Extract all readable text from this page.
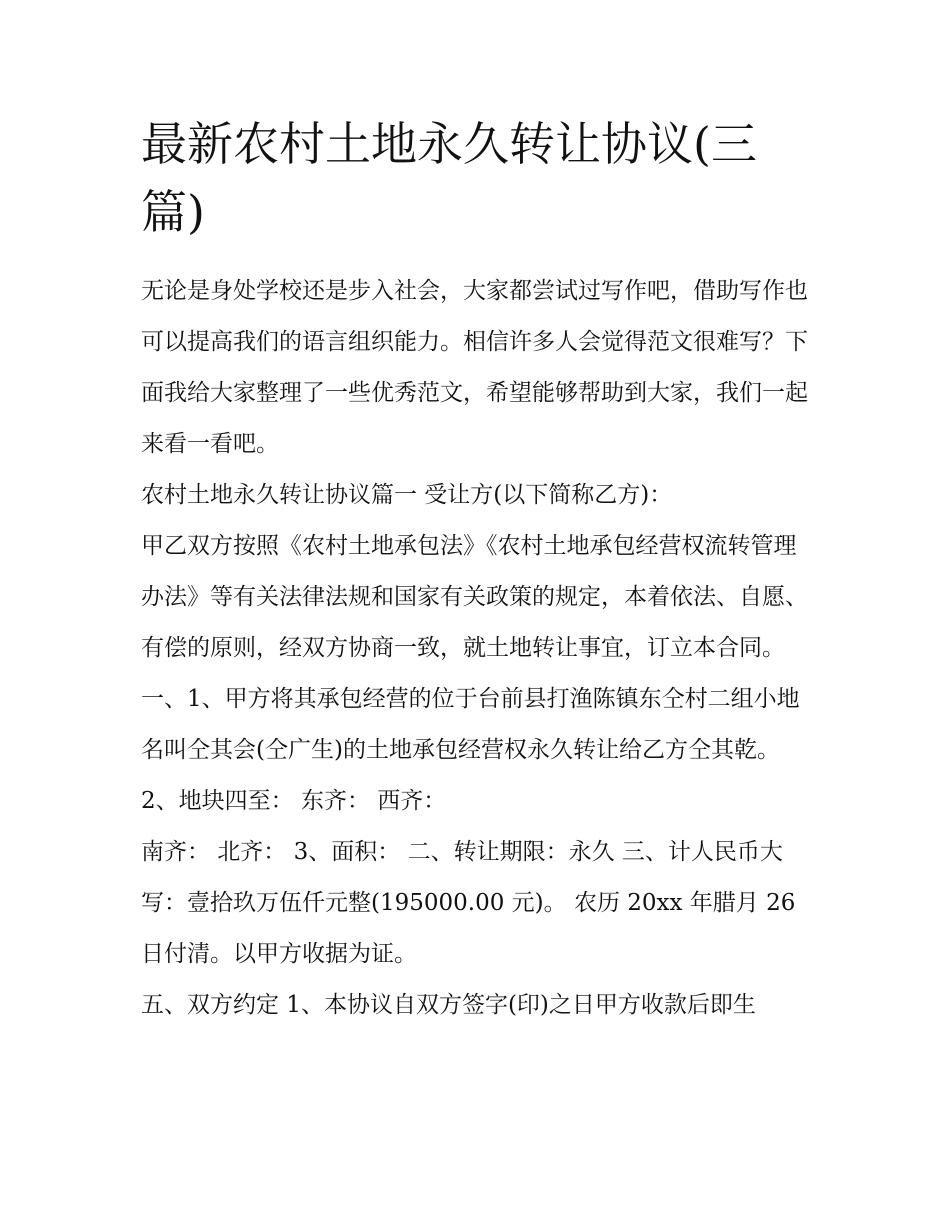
最新农村土地永久转让协议(三篇)

无论是身处学校还是步入社会，大家都尝试过写作吧，借助写作也可以提高我们的语言组织能力。相信许多人会觉得范文很难写？下面我给大家整理了一些优秀范文，希望能够帮助到大家，我们一起来看一看吧。

农村土地永久转让协议篇一 受让方(以下简称乙方)：

甲乙双方按照《农村土地承包法》《农村土地承包经营权流转管理办法》等有关法律法规和国家有关政策的规定，本着依法、自愿、有偿的原则，经双方协商一致，就土地转让事宜，订立本合同。

一、1、甲方将其承包经营的位于台前县打渔陈镇东仝村二组小地名叫仝其会(仝广生)的土地承包经营权永久转让给乙方仝其乾。 2、地块四至： 东齐： 西齐：

南齐： 北齐： 3、面积： 二、转让期限：永久 三、计人民币大写：壹拾玖万伍仟元整(195000.00 元)。 农历 20xx 年腊月 26 日付清。以甲方收据为证。

五、双方约定 1、本协议自双方签字(印)之日甲方收款后即生
